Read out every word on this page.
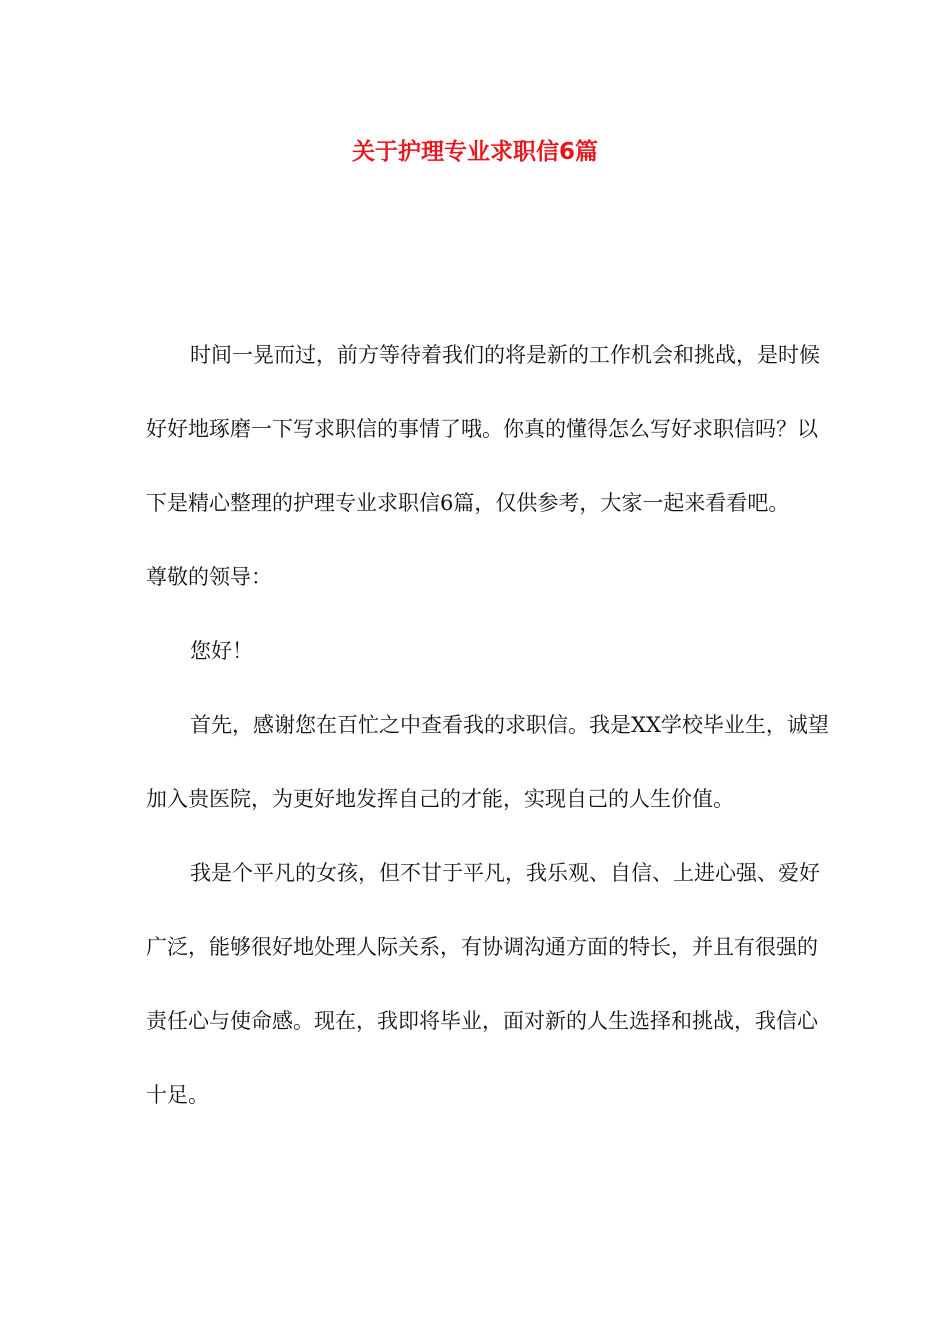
关于护理专业求职信6篇

时间一晃而过，前方等待着我们的将是新的工作机会和挑战，是时候好好地琢磨一下写求职信的事情了哦。你真的懂得怎么写好求职信吗？以下是精心整理的护理专业求职信6篇，仅供参考，大家一起来看看吧。

尊敬的领导：

您好！

首先，感谢您在百忙之中查看我的求职信。我是XX学校毕业生，诚望加入贵医院，为更好地发挥自己的才能，实现自己的人生价值。

我是个平凡的女孩，但不甘于平凡，我乐观、自信、上进心强、爱好广泛，能够很好地处理人际关系，有协调沟通方面的特长，并且有很强的责任心与使命感。现在，我即将毕业，面对新的人生选择和挑战，我信心十足。
